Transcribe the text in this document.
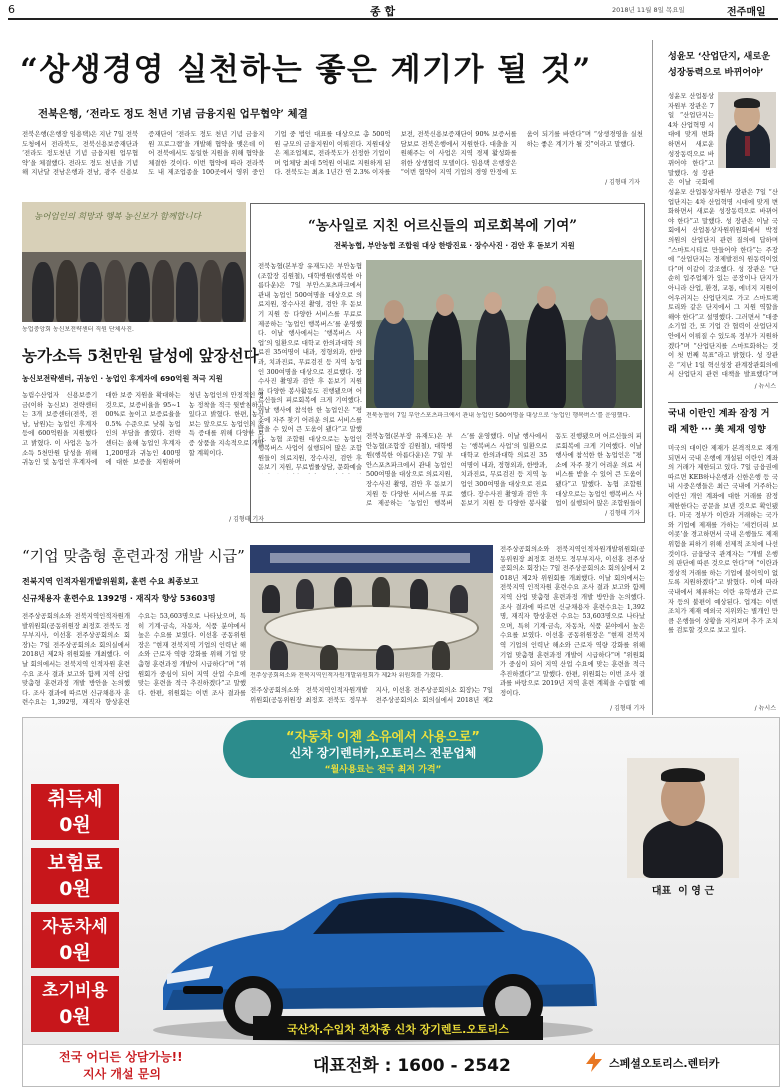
6	종 합	2018년 11월 8일 목요일	전주매일
“상생경영 실천하는 좋은 계기가 될 것”
전북은행, ‘전라도 정도 천년 기념 금융지원 업무협약’ 체결
전북은행(은행장 임용택)은 지난 7일 전북도청에서 전라북도, 전북신용보증재단과 ‘전라도 정도천년 기념 금융지원 업무협약’을 체결했다. 전라도 정도 천년을 기념해 지난달 전남은행과 전남, 광주 신용보증재단이 ‘전라도 정도 천년 기념 금융지원 프로그램’을 개발해 협약을 맺은데 이어 전북에서도 동일한 지원을 위해 협약을 체결한 것이다. 이번 협약에 따라 전라북도 내 제조업종을 100곳에서 영위 중인 기업 중 법인 대표를 대상으로 총 500억원 규모의 금융지원이 이뤄진다. 지원대상은 제조업체로, 전라북도가 선정한 기업이며 업체당 최대 5억원 이내로 지원하게 된다. 전북도는 최초 1년간 연 2.3% 이자를 보전, 전북신용보증재단이 90% 보증서를 담보로 전북은행에서 지원한다. 대출을 지원해주는 이 사업은 지역 경제 활성화를 위한 상생협력 모델이다. 임용택 은행장은 “이번 협약이 지역 기업의 경영 안정에 도움이 되기를 바란다”며 “상생경영을 실천하는 좋은 계기가 될 것”이라고 말했다.
/ 김형태 기자
성윤모 ‘산업단지, 새로운 성장동력으로 바뀌어야’
성윤모 산업통상자원부 장관은 7일 “산업단지는 4차 산업혁명 시대에 맞게 변화하면서 새로운 성장동력으로 바뀌어야 한다”고 말했다. 성 장관은 이날 국회에
성윤모 산업통상자원부 장관은 7일 “산업단지는 4차 산업혁명 시대에 맞게 변화하면서 새로운 성장동력으로 바뀌어야 한다”고 말했다. 성 장관은 이날 국회에서 산업통상자원위원회에서 박정 의원의 산업단지 관련 질의에 답하며 “스마트시티로 만들어야 한다”는 주장에 “산업단지는 경제발전의 원동력이었다”며 이같이 강조했다. 성 장관은 “단순히 입주업체가 있는 공장이나 단지가 아니라 산업, 환경, 교통, 에너지 지원이 어우러지는 산업단지로 가고 스마트팩토리와 같은 단지에서 그 지원 역할을 해야 한다”고 설명했다. 그러면서 “대중소기업 간, 또 기업 간 협력이 산업단지 안에서 이뤄질 수 있도록 정부가 지원하겠다”며 “산업단지를 스마트화하는 것이 첫 번째 목표”라고 밝혔다. 성 장관은 “지난 1일 혁신성장 관계장관회의에서 산업단지 관련 대책을 발표했다”며
/ 뉴시스
농어업인의 희망과 행복 농신보가 함께합니다
농업중앙회 농신보전략센터 직원 단체사진.
농가소득 5천만원 달성에 앞장선다
농신보전략센터, 귀농인 · 농업인 후계자에 690억원 적극 지원
농림수산업자 신용보증기금(이하 농신보) 전략센터는 3개 보증센터(전북, 전남, 남원)는 농업인 후계자 등에 600억원을 지원했다고 밝혔다. 이 사업은 농가소득 5천만원 달성을 위해 귀농인 및 농업인 후계자에 대한 보증 지원을 확대하는 것으로, 보증비율을 95~100%로 높이고 보증료율을 0.5% 수준으로 낮춰 농업인의 부담을 줄였다. 전략센터는 올해 농업인 후계자 1,200명과 귀농인 400명에 대한 보증을 지원하며 청년 농업인의 안정적인 영농 정착을 적극 뒷받침하고 있다고 밝혔다. 한편, 농신보는 앞으로도 농업인의 소득 증대를 위해 다양한 보증 상품을 지속적으로 개발할 계획이다.
/ 김형태 기자
“농사일로 지친 어르신들의 피로회복에 기여”
전북농협, 부안농협 조합원 대상 한방진료 · 장수사진 · 검안 후 돋보기 지원
전북농협(본부장 유재도)은 부안농협(조합장 김원철), 대학병원(행복한 아름다운)은 7일 부안스포츠파크에서 관내 농업인 500여명을 대상으로 의료지원, 장수사진 촬영, 검안 후 돋보기 지원 등 다양한 서비스를 무료로 제공하는 ‘농업인 행복버스’를 운영했다. 이날 행사에서는 ‘행복버스 사업’의 일환으로 대학교 한의과대학 의료진 35여명이 내과, 정형외과, 한방과, 치과진료, 무료검진 등 지역 농업인 300여명을 대상으로 진료했다. 장수사진 촬영과 검안 후 돋보기 지원 등 다양한 봉사활동도 진행됐으며 어르신들의 피로회복에 크게 기여했다. 이날 행사에 참석한 한 농업인은 “평소에 자주 찾기 어려운 의료 서비스를 받을 수 있어 큰 도움이 됐다”고 말했다. 농협 조합원 대상으로는 농업인 행복버스 사업이 실행되어 많은 조합원들이 의료지원, 장수사진, 검안 후 돋보기 지원, 무료법률상담, 문화예술
전북농협이 7일 부안스포츠파크에서 관내 농업인 500여명을 대상으로 ‘농업인 행복버스’를 운영했다.
전북농협(본부장 유재도)은 부안농협(조합장 김원철), 대학병원(행복한 아름다운)은 7일 부안스포츠파크에서 관내 농업인 500여명을 대상으로 의료지원, 장수사진 촬영, 검안 후 돋보기 지원 등 다양한 서비스를 무료로 제공하는 ‘농업인 행복버스’를 운영했다. 이날 행사에서는 ‘행복버스 사업’의 일환으로 대학교 한의과대학 의료진 35여명이 내과, 정형외과, 한방과, 치과진료, 무료검진 등 지역 농업인 300여명을 대상으로 진료했다. 장수사진 촬영과 검안 후 돋보기 지원 등 다양한 봉사활동도 진행됐으며 어르신들의 피로회복에 크게 기여했다. 이날 행사에 참석한 한 농업인은 “평소에 자주 찾기 어려운 의료 서비스를 받을 수 있어 큰 도움이 됐다”고 말했다. 농협 조합원 대상으로는 농업인 행복버스 사업이 실행되어 많은 조합원들이
/ 김형태 기자
“기업 맞춤형 훈련과정 개발 시급”
전북지역 인적자원개발위원회, 훈련 수요 최종보고
신규채용자 훈련수요 1392명 · 재직자 향상 53603명
전주상공회의소와 전북지역인적자원개발위원회가 제2차 위원회를 가졌다.
전주상공회의소와 전북지역인적자원개발위원회(공동위원장 최정호 전북도 정무부지사, 이선홍 전주상공회의소 회장)는 7일 전주상공회의소 회의실에서 2018년 제2차 위원회를 개최했다. 이날 회의에서는 전북지역 인적자원 훈련수요 조사 결과 보고와 함께 지역 산업 맞춤형 훈련과정 개발 방안을 논의했다. 조사 결과에 따르면 신규채용자 훈련수요는 1,392명, 재직자 향상훈련 수요는 53,603명으로 나타났으며, 특히 기계·금속, 자동차, 식품 분야에서 높은 수요를 보였다. 이선홍 공동위원장은 “현재 전북지역 기업의 인력난 해소와 근로자 역량 강화를 위해 기업 맞춤형 훈련과정 개발이 시급하다”며 “위원회가 중심이 되어 지역 산업 수요에 맞는 훈련을 적극 추진하겠다”고 말했다. 한편, 위원회는 이번 조사 결과를 전주상공회의소와 전북지역인적자원개발위원회(공동위원장 최정호 전북도 정무부지사, 이선홍 전주상공회의소 회장)는 7일 전주상공회의소 회의실에서 2018년 제2
전주상공회의소와 전북지역인적자원개발위원회(공동위원장 최정호 전북도 정무부지사, 이선홍 전주상공회의소 회장)는 7일 전주상공회의소 회의실에서 2018년 제2차 위원회를 개최했다. 이날 회의에서는 전북지역 인적자원 훈련수요 조사 결과 보고와 함께 지역 산업 맞춤형 훈련과정 개발 방안을 논의했다. 조사 결과에 따르면 신규채용자 훈련수요는 1,392명, 재직자 향상훈련 수요는 53,603명으로 나타났으며, 특히 기계·금속, 자동차, 식품 분야에서 높은 수요를 보였다. 이선홍 공동위원장은 “현재 전북지역 기업의 인력난 해소와 근로자 역량 강화를 위해 기업 맞춤형 훈련과정 개발이 시급하다”며 “위원회가 중심이 되어 지역 산업 수요에 맞는 훈련을 적극 추진하겠다”고 말했다. 한편, 위원회는 이번 조사 결과를 바탕으로 2019년 지역 훈련 계획을 수립할 예정이다.
/ 김형태 기자
국내 이란인 계좌 잠정 거래 제한 ··· 美 제재 영향
미국의 대이란 제재가 본격적으로 재개되면서 국내 은행에 개설된 이란인 계좌의 거래가 제한되고 있다. 7일 금융권에 따르면 KEB하나은행과 신한은행 등 국내 시중은행들은 최근 국내에 거주하는 이란인 개인 계좌에 대한 거래를 잠정 제한한다는 공문을 보낸 것으로 확인됐다. 미국 정부가 이란과 거래하는 국가와 기업에 제재를 가하는 ‘세컨더리 보이콧’을 경고하면서 국내 은행들도 제재 위험을 피하기 위해 선제적 조치에 나선 것이다. 금융당국 관계자는 “개별 은행의 판단에 따른 것으로 안다”며 “이란과 정상적 거래를 하는 기업에 불이익이 없도록 지원하겠다”고 밝혔다. 이에 따라 국내에서 체류하는 이란 유학생과 근로자 등의 불편이 예상된다. 업계는 이번 조치가 제재 예외국 지위와는 별개인 만큼 은행들이 상황을 지켜보며 추가 조치를 검토할 것으로 보고 있다.
/ 뉴시스
“자동차 이젠 소유에서 사용으로”
신차 장기렌터카,오토리스 전문업체
“월사용료는 전국 최저 가격”
취득세
0원
보험료
0원
자동차세
0원
초기비용
0원
대표  이 영 근
국산차.수입차 전차종 신차 장기렌트.오토리스
전국 어디든 상담가능!!
지사 개설 문의	대표전화 : 1600 - 2542	스페셜오토리스.렌터카
